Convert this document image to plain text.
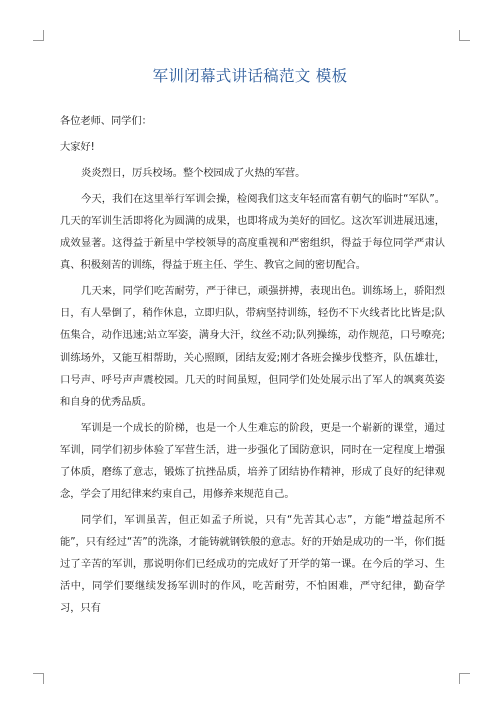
军训闭幕式讲话稿范文 模板

各位老师、同学们：

大家好!

炎炎烈日，厉兵校场。整个校园成了火热的军营。

今天，我们在这里举行军训会操，检阅我们这支年轻而富有朝气的临时“军队”。几天的军训生活即将化为圆满的成果，也即将成为美好的回忆。这次军训进展迅速，成效显著。这得益于新星中学校领导的高度重视和严密组织，得益于每位同学严肃认真、积极刻苦的训练，得益于班主任、学生、教官之间的密切配合。

几天来，同学们吃苦耐劳，严于律已，顽强拼搏，表现出色。训练场上，骄阳烈日，有人晕倒了，稍作休息，立即归队，带病坚持训练，轻伤不下火线者比比皆是;队伍集合，动作迅速;站立军姿，满身大汗，纹丝不动;队列操练，动作规范，口号嘹亮;训练场外，又能互相帮助，关心照顾，团结友爱;刚才各班会操步伐整齐，队伍雄壮，口号声、呼号声声震校园。几天的时间虽短，但同学们处处展示出了军人的飒爽英姿和自身的优秀品质。

军训是一个成长的阶梯，也是一个人生难忘的阶段，更是一个崭新的课堂，通过军训，同学们初步体验了军营生活，进一步强化了国防意识，同时在一定程度上增强了体质，磨练了意志，锻炼了抗挫品质，培养了团结协作精神，形成了良好的纪律观念，学会了用纪律来约束自己，用修养来规范自己。

同学们，军训虽苦，但正如孟子所说，只有“先苦其心志”，方能“增益起所不能”，只有经过“苦”的洗涤，才能铸就钢铁般的意志。好的开始是成功的一半，你们挺过了辛苦的军训，那说明你们已经成功的完成好了开学的第一课。在今后的学习、生活中，同学们要继续发扬军训时的作风，吃苦耐劳，不怕困难，严守纪律，勤奋学习，只有
